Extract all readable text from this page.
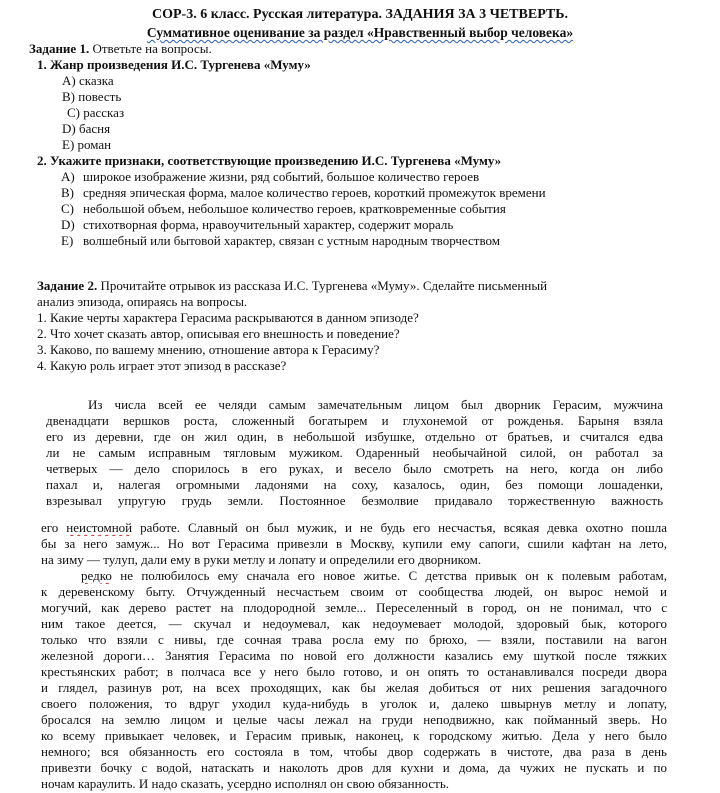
СОР-3. 6 класс. Русская литература. ЗАДАНИЯ ЗА 3 ЧЕТВЕРТЬ.
Суммативное оценивание за раздел «Нравственный выбор человека»
Задание 1. Ответьте на вопросы.
1. Жанр произведения И.С. Тургенева «Муму»
A) сказка
B) повесть
C) рассказ
D) басня
E) роман
2. Укажите признаки, соответствующие произведению И.С. Тургенева «Муму»
A) широкое изображение жизни, ряд событий, большое количество героев
B) средняя эпическая форма, малое количество героев, короткий промежуток времени
C) небольшой объем, небольшое количество героев, кратковременные события
D) стихотворная форма, нравоучительный характер, содержит мораль
E) волшебный или бытовой характер, связан с устным народным творчеством
Задание 2. Прочитайте отрывок из рассказа И.С. Тургенева «Муму». Сделайте письменный
анализ эпизода, опираясь на вопросы.
1. Какие черты характера Герасима раскрываются в данном эпизоде?
2. Что хочет сказать автор, описывая его внешность и поведение?
3. Каково, по вашему мнению, отношение автора к Герасиму?
4. Какую роль играет этот эпизод в рассказе?
Из числа всей ее челяди самым замечательным лицом был дворник Герасим, мужчина
двенадцати вершков роста, сложенный богатырем и глухонемой от рожденья. Барыня взяла
его из деревни, где он жил один, в небольшой избушке, отдельно от братьев, и считался едва
ли не самым исправным тягловым мужиком. Одаренный необычайной силой, он работал за
четверых — дело спорилось в его руках, и весело было смотреть на него, когда он либо
пахал и, налегая огромными ладонями на соху, казалось, один, без помощи лошаденки,
взрезывал упругую грудь земли. Постоянное безмолвие придавало торжественную важность
его неистомной работе. Славный он был мужик, и не будь его несчастья, всякая девка охотно пошла
бы за него замуж... Но вот Герасима привезли в Москву, купили ему сапоги, сшили кафтан на лето,
на зиму — тулуп, дали ему в руки метлу и лопату и определили его дворником.
редко не полюбилось ему сначала его новое житье. С детства привык он к полевым работам,
к деревенскому быту. Отчужденный несчастьем своим от сообщества людей, он вырос немой и
могучий, как дерево растет на плодородной земле... Переселенный в город, он не понимал, что с
ним такое деется, — скучал и недоумевал, как недоумевает молодой, здоровый бык, которого
только что взяли с нивы, где сочная трава росла ему по брюхо, — взяли, поставили на вагон
железной дороги… Занятия Герасима по новой его должности казались ему шуткой после тяжких
крестьянских работ; в полчаса все у него было готово, и он опять то останавливался посреди двора
и глядел, разинув рот, на всех проходящих, как бы желая добиться от них решения загадочного
своего положения, то вдруг уходил куда-нибудь в уголок и, далеко швырнув метлу и лопату,
бросался на землю лицом и целые часы лежал на груди неподвижно, как пойманный зверь. Но
ко всему привыкает человек, и Герасим привык, наконец, к городскому житью. Дела у него было
немного; вся обязанность его состояла в том, чтобы двор содержать в чистоте, два раза в день
привезти бочку с водой, натаскать и наколоть дров для кухни и дома, да чужих не пускать и по
ночам караулить. И надо сказать, усердно исполнял он свою обязанность.
